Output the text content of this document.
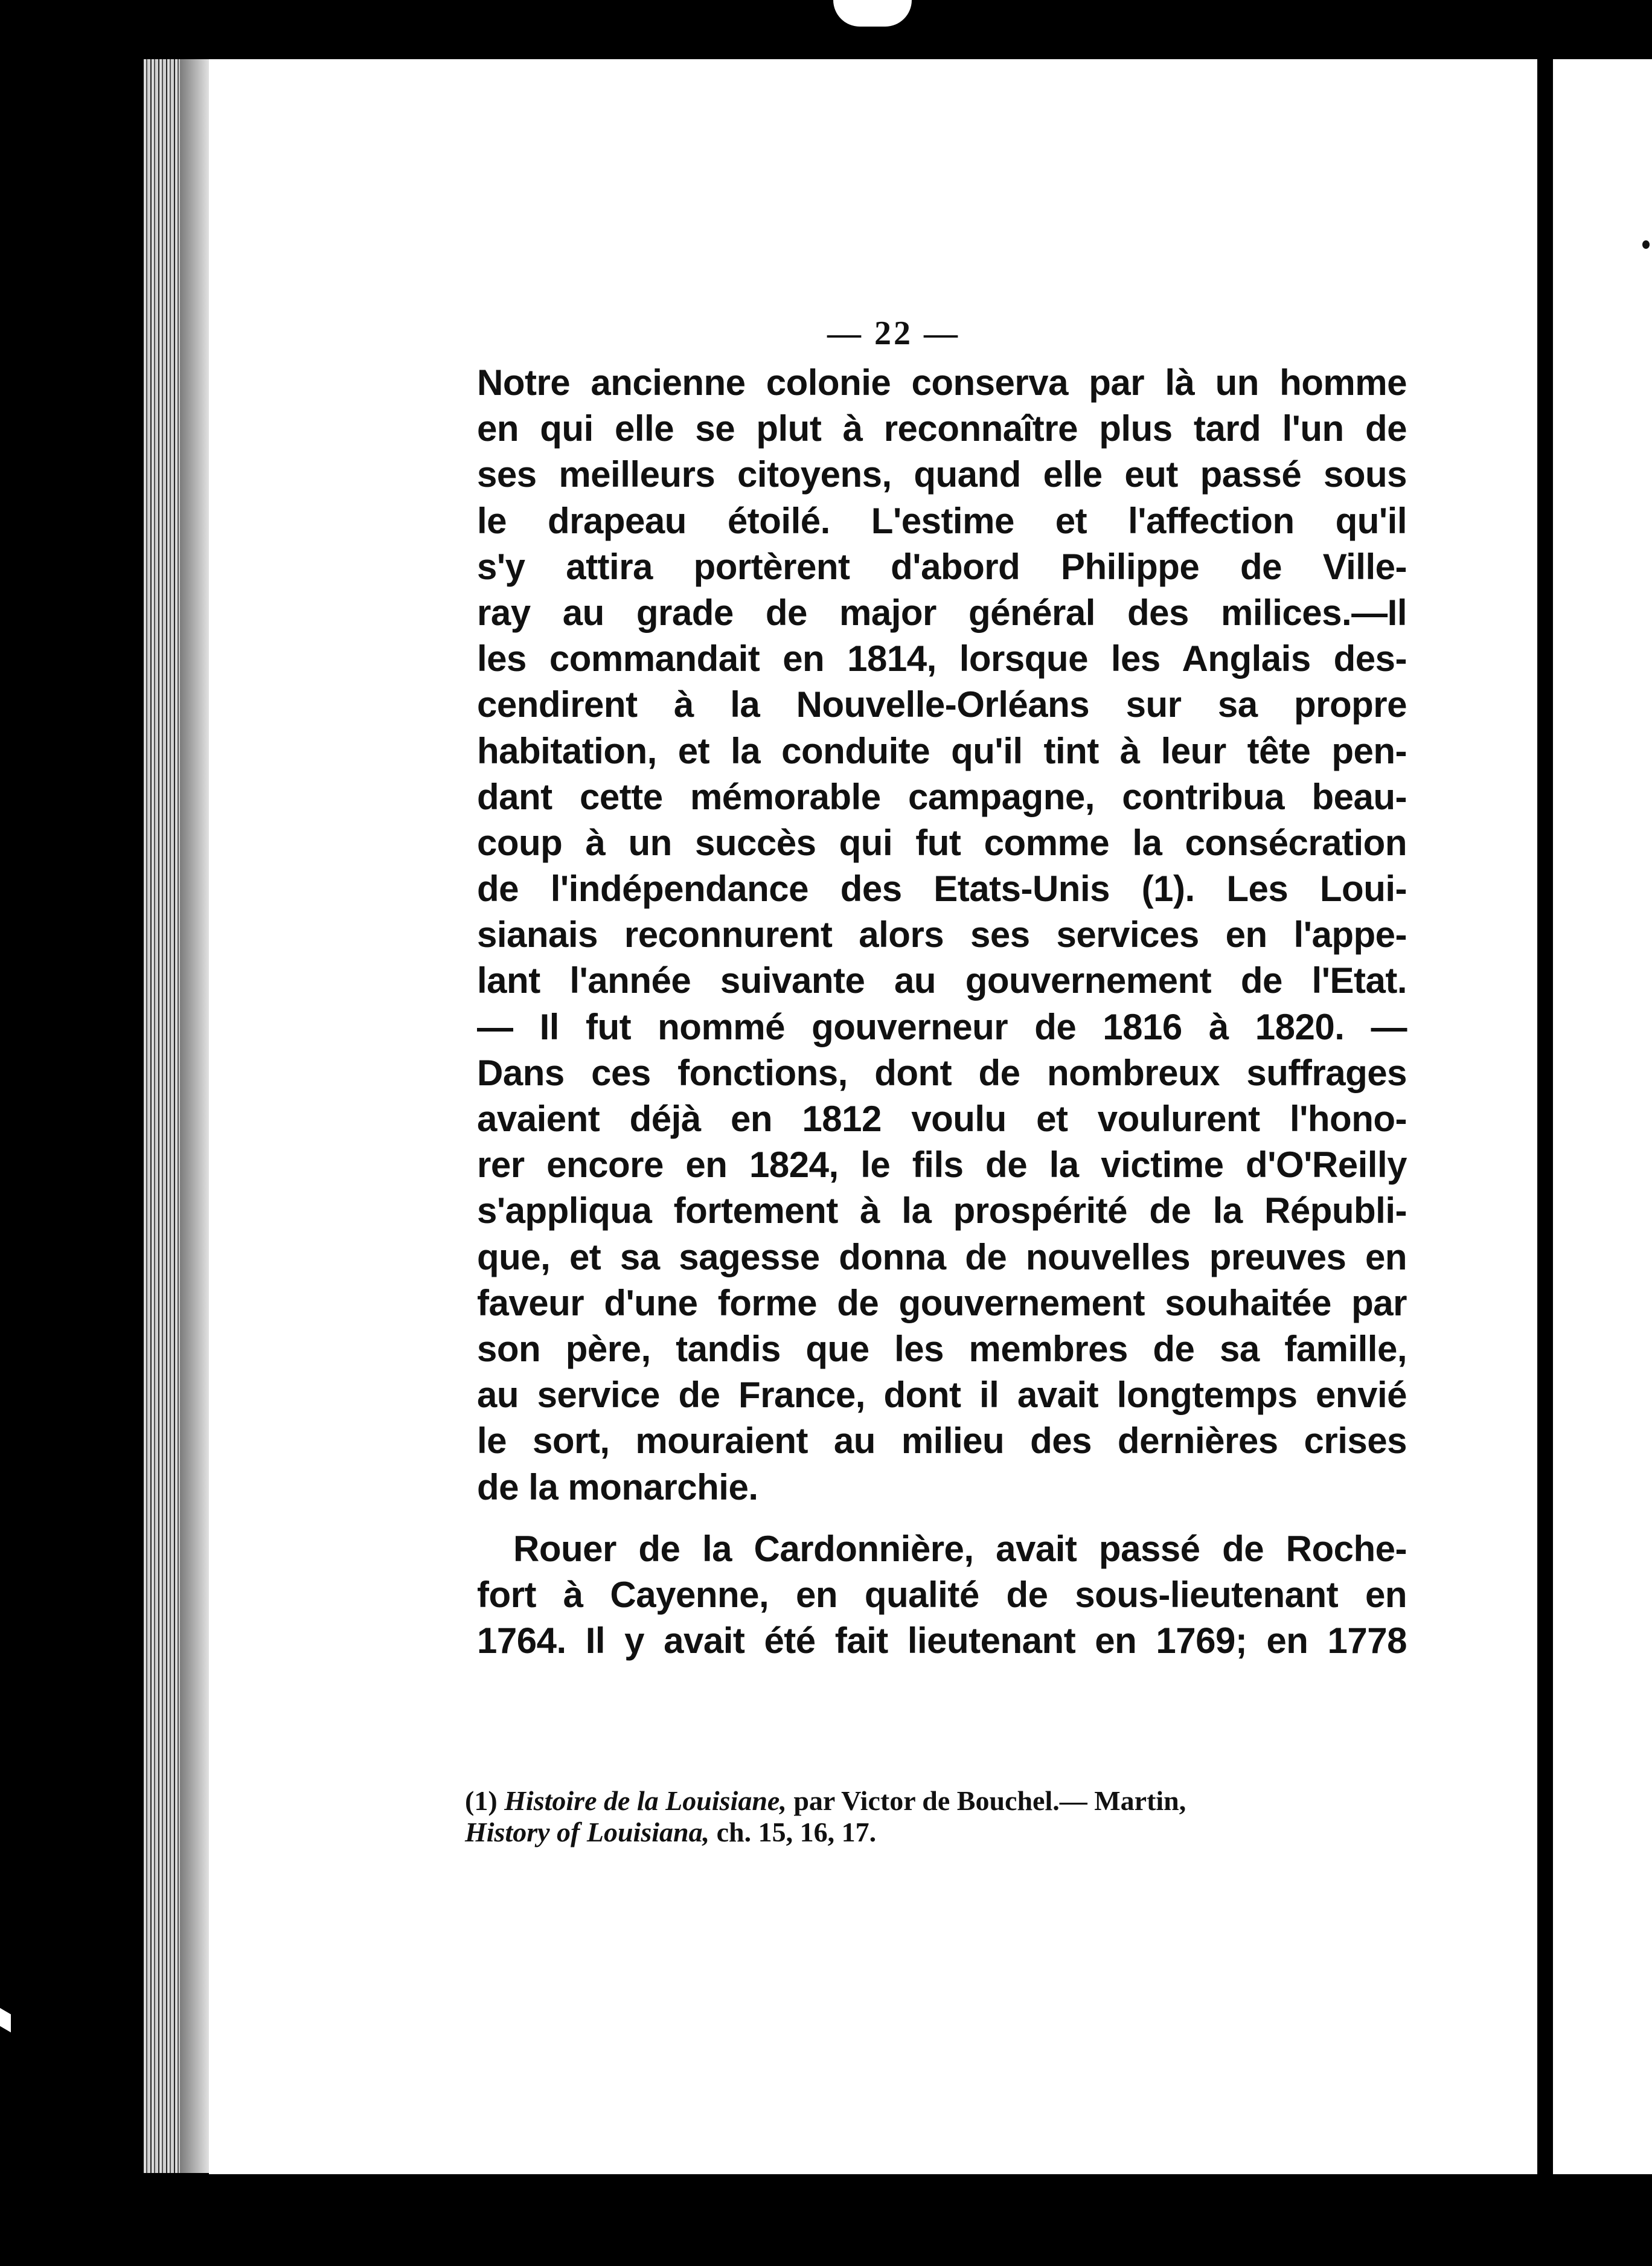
— 22 —
Notre ancienne colonie conserva par là un homme
en qui elle se plut à reconnaître plus tard l'un de
ses meilleurs citoyens, quand elle eut passé sous
le drapeau étoilé. L'estime et l'affection qu'il
s'y attira portèrent d'abord Philippe de Ville-
ray au grade de major général des milices.—Il
les commandait en 1814, lorsque les Anglais des-
cendirent à la Nouvelle-Orléans sur sa propre
habitation, et la conduite qu'il tint à leur tête pen-
dant cette mémorable campagne, contribua beau-
coup à un succès qui fut comme la consécration
de l'indépendance des Etats-Unis (1). Les Loui-
sianais reconnurent alors ses services en l'appe-
lant l'année suivante au gouvernement de l'Etat.
— Il fut nommé gouverneur de 1816 à 1820. —
Dans ces fonctions, dont de nombreux suffrages
avaient déjà en 1812 voulu et voulurent l'hono-
rer encore en 1824, le fils de la victime d'O'Reilly
s'appliqua fortement à la prospérité de la Républi-
que, et sa sagesse donna de nouvelles preuves en
faveur d'une forme de gouvernement souhaitée par
son père, tandis que les membres de sa famille,
au service de France, dont il avait longtemps envié
le sort, mouraient au milieu des dernières crises
de la monarchie.
Rouer de la Cardonnière, avait passé de Roche-
fort à Cayenne, en qualité de sous-lieutenant en
1764. Il y avait été fait lieutenant en 1769; en 1778
(1) Histoire de la Louisiane, par Victor de Bouchel.— Martin,
History of Louisiana, ch. 15, 16, 17.
